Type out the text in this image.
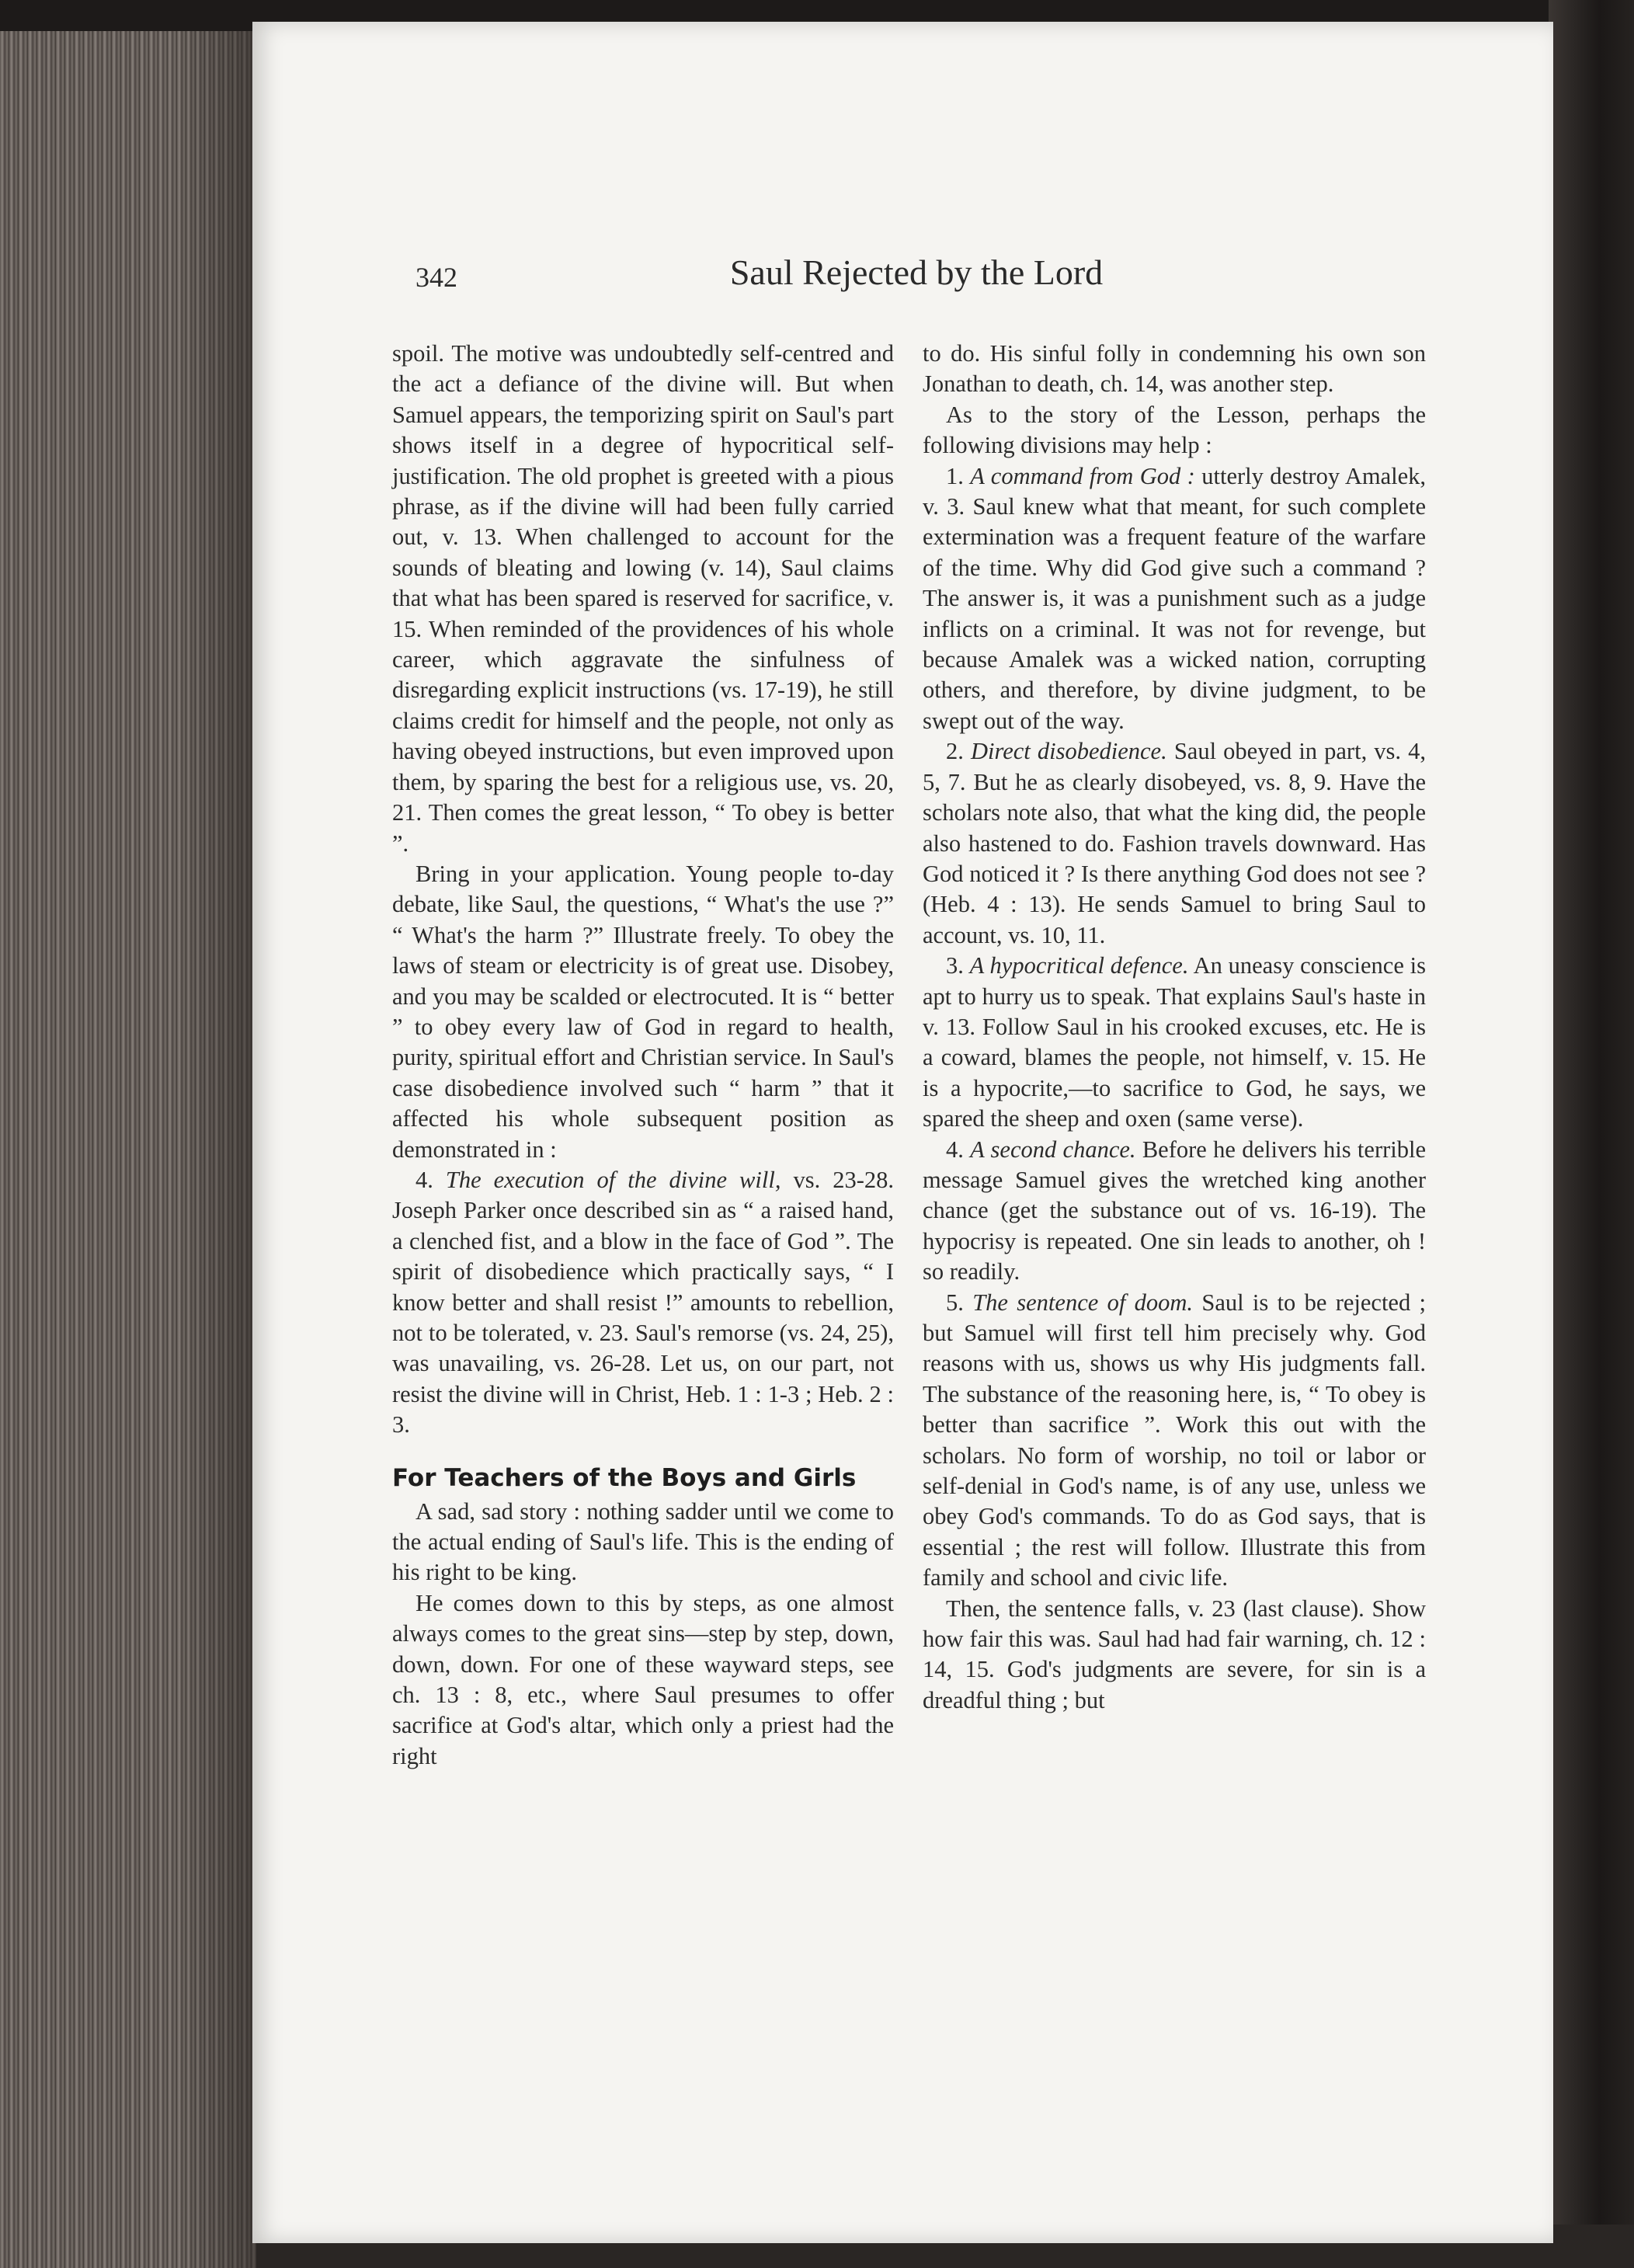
342	Saul Rejected by the Lord

spoil. The motive was undoubtedly self-centred and the act a defiance of the divine will. But when Samuel appears, the temporizing spirit on Saul's part shows itself in a degree of hypocritical self-justification. The old prophet is greeted with a pious phrase, as if the divine will had been fully carried out, v. 13. When challenged to account for the sounds of bleating and lowing (v. 14), Saul claims that what has been spared is reserved for sacrifice, v. 15. When reminded of the providences of his whole career, which aggravate the sinfulness of disregarding explicit instructions (vs. 17-19), he still claims credit for himself and the people, not only as having obeyed instructions, but even improved upon them, by sparing the best for a religious use, vs. 20, 21. Then comes the great lesson, “ To obey is better ”.

Bring in your application. Young people to-day debate, like Saul, the questions, “ What's the use ?” “ What's the harm ?” Illustrate freely. To obey the laws of steam or electricity is of great use. Disobey, and you may be scalded or electrocuted. It is “ better ” to obey every law of God in regard to health, purity, spiritual effort and Christian service. In Saul's case disobedience involved such “ harm ” that it affected his whole subsequent position as demonstrated in :

4. The execution of the divine will, vs. 23-28. Joseph Parker once described sin as “ a raised hand, a clenched fist, and a blow in the face of God ”. The spirit of disobedience which practically says, “ I know better and shall resist !” amounts to rebellion, not to be tolerated, v. 23. Saul's remorse (vs. 24, 25), was unavailing, vs. 26-28. Let us, on our part, not resist the divine will in Christ, Heb. 1 : 1-3 ; Heb. 2 : 3.

For Teachers of the Boys and Girls

A sad, sad story : nothing sadder until we come to the actual ending of Saul's life. This is the ending of his right to be king.

He comes down to this by steps, as one almost always comes to the great sins—step by step, down, down, down. For one of these wayward steps, see ch. 13 : 8, etc., where Saul presumes to offer sacrifice at God's altar, which only a priest had the right

to do. His sinful folly in condemning his own son Jonathan to death, ch. 14, was another step.

As to the story of the Lesson, perhaps the following divisions may help :

1. A command from God : utterly destroy Amalek, v. 3. Saul knew what that meant, for such complete extermination was a frequent feature of the warfare of the time. Why did God give such a command ? The answer is, it was a punishment such as a judge inflicts on a criminal. It was not for revenge, but because Amalek was a wicked nation, corrupting others, and therefore, by divine judgment, to be swept out of the way.

2. Direct disobedience. Saul obeyed in part, vs. 4, 5, 7. But he as clearly disobeyed, vs. 8, 9. Have the scholars note also, that what the king did, the people also hastened to do. Fashion travels downward. Has God noticed it ? Is there anything God does not see ? (Heb. 4 : 13). He sends Samuel to bring Saul to account, vs. 10, 11.

3. A hypocritical defence. An uneasy conscience is apt to hurry us to speak. That explains Saul's haste in v. 13. Follow Saul in his crooked excuses, etc. He is a coward, blames the people, not himself, v. 15. He is a hypocrite,—to sacrifice to God, he says, we spared the sheep and oxen (same verse).

4. A second chance. Before he delivers his terrible message Samuel gives the wretched king another chance (get the substance out of vs. 16-19). The hypocrisy is repeated. One sin leads to another, oh ! so readily.

5. The sentence of doom. Saul is to be rejected ; but Samuel will first tell him precisely why. God reasons with us, shows us why His judgments fall. The substance of the reasoning here, is, “ To obey is better than sacrifice ”. Work this out with the scholars. No form of worship, no toil or labor or self-denial in God's name, is of any use, unless we obey God's commands. To do as God says, that is essential ; the rest will follow. Illustrate this from family and school and civic life.

Then, the sentence falls, v. 23 (last clause). Show how fair this was. Saul had had fair warning, ch. 12 : 14, 15. God's judgments are severe, for sin is a dreadful thing ; but
